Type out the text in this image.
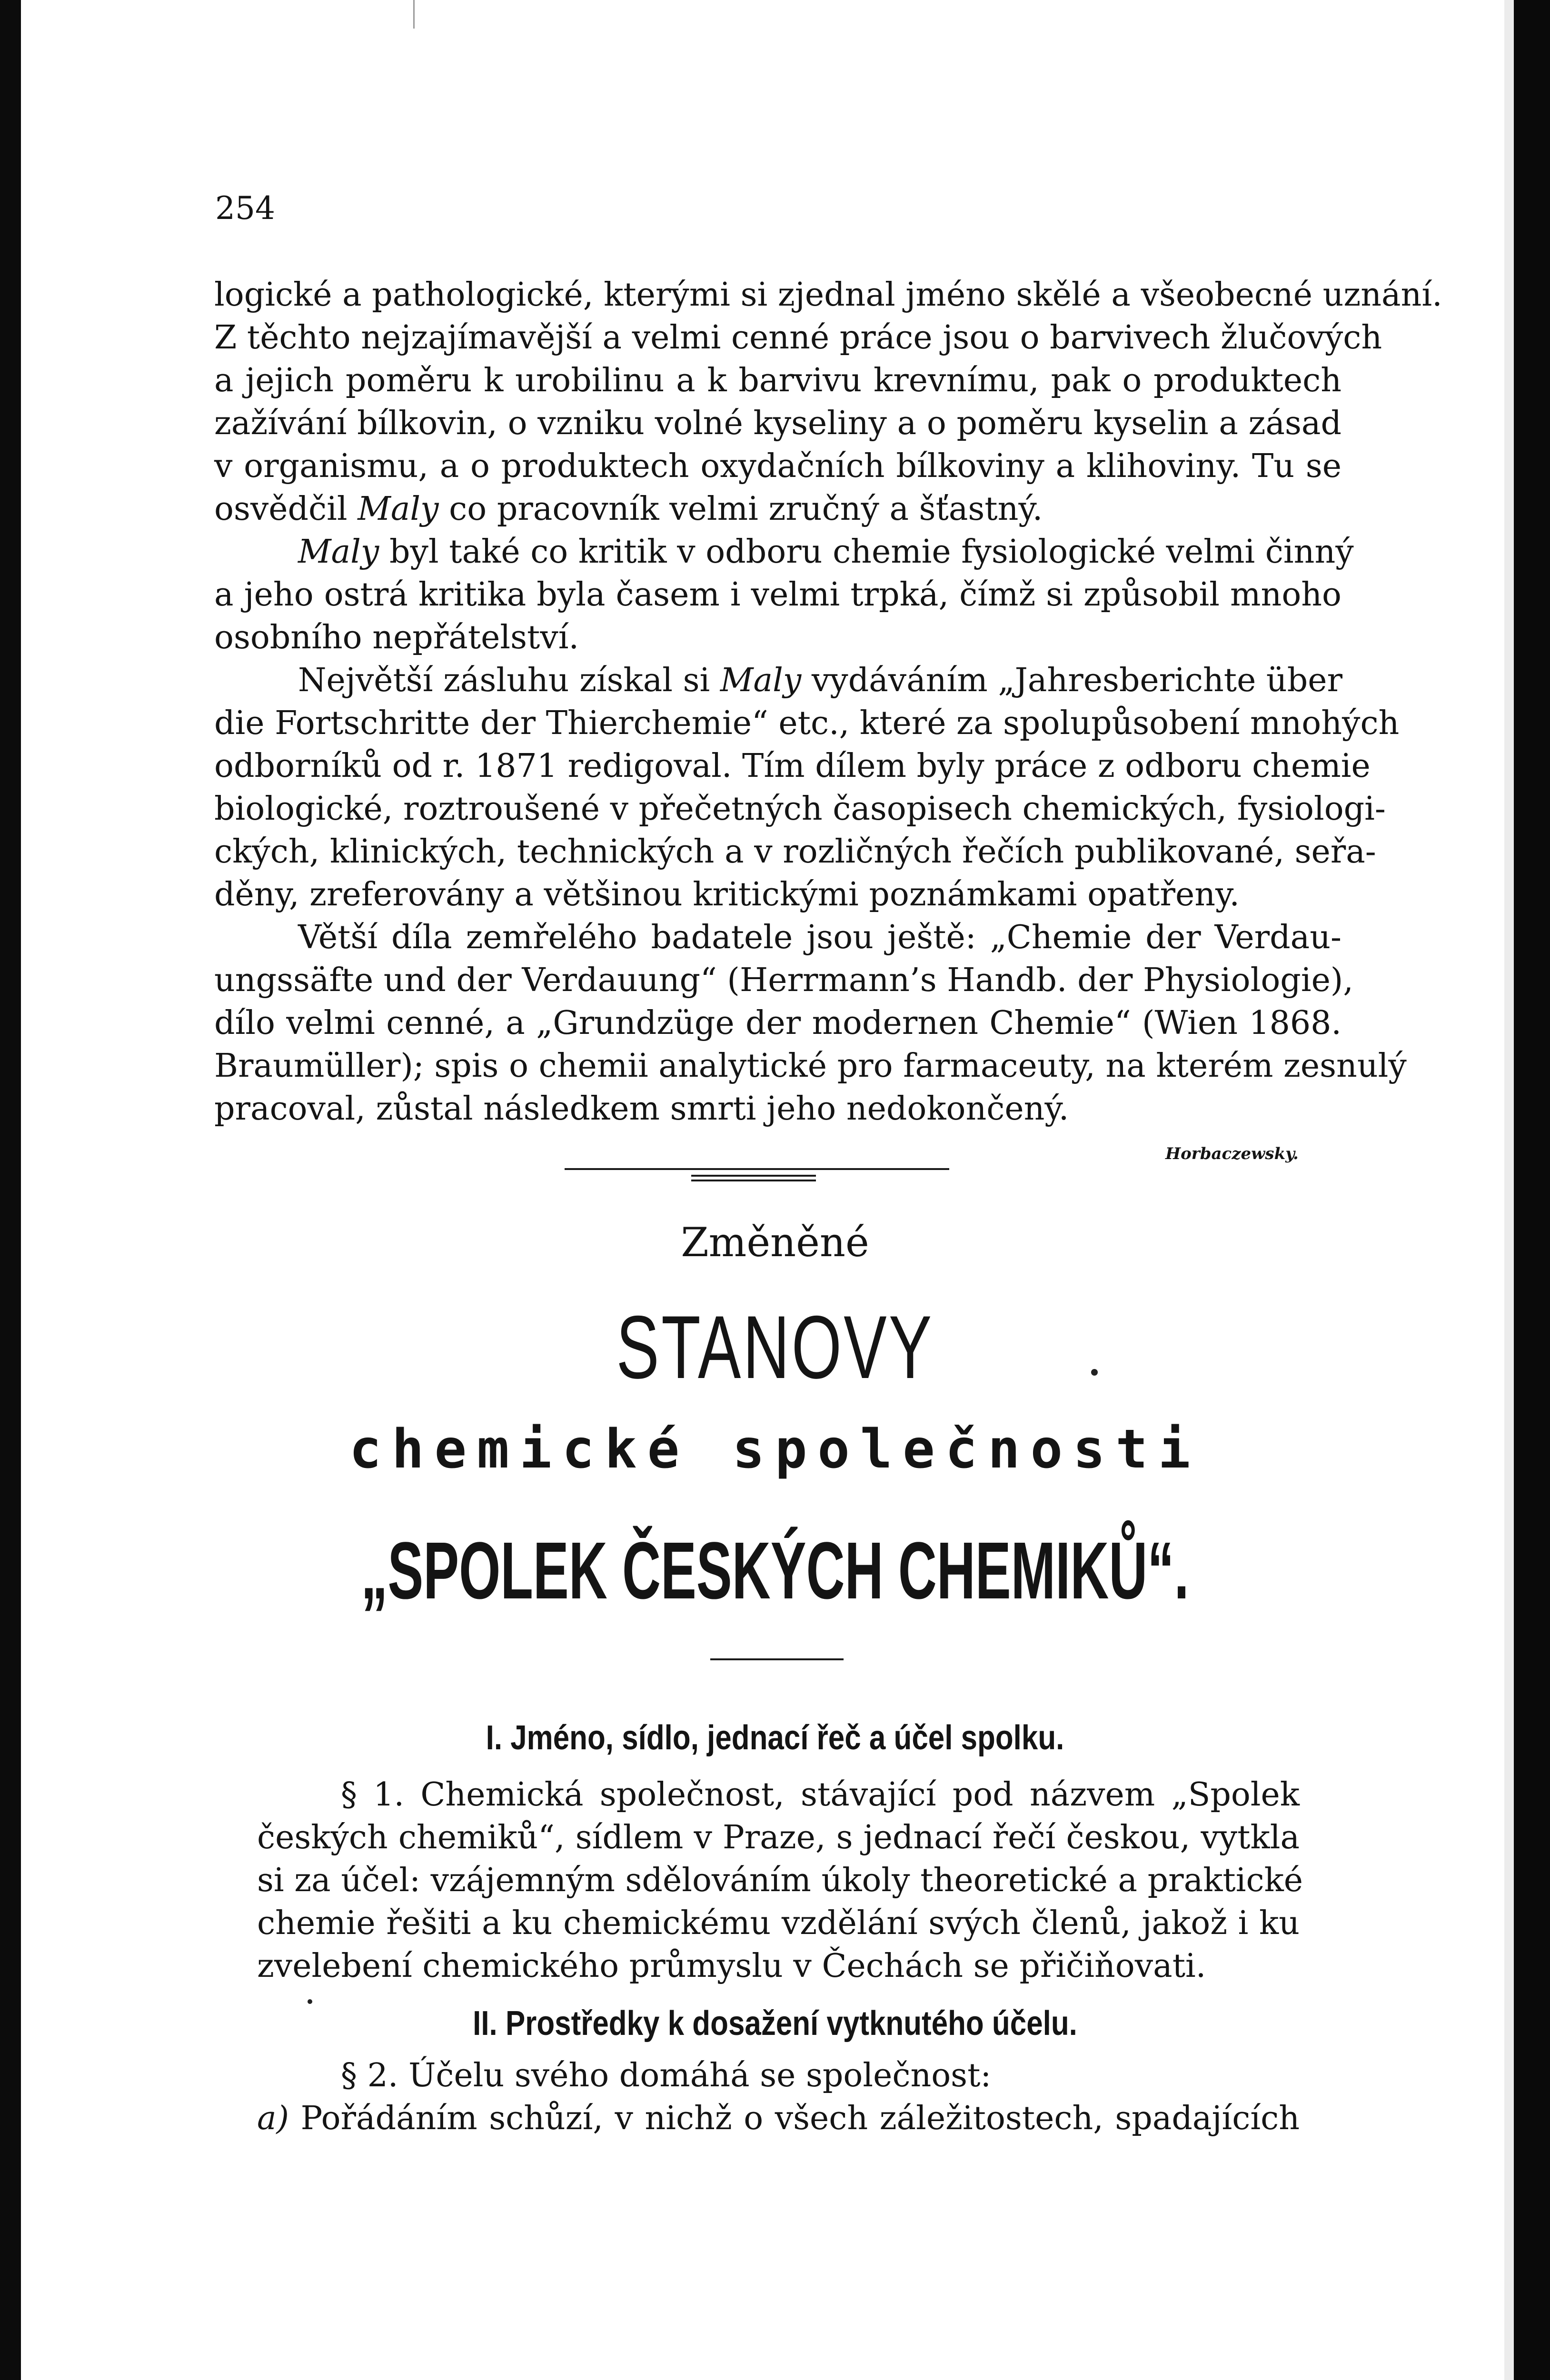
254
logické a pathologické, kterými si zjednal jméno skělé a všeobecné uznání.
Z těchto nejzajímavější a velmi cenné práce jsou o barvivech žlučových
a jejich poměru k urobilinu a k barvivu krevnímu, pak o produktech
zažívání bílkovin, o vzniku volné kyseliny a o poměru kyselin a zásad
v organismu, a o produktech oxydačních bílkoviny a klihoviny. Tu se
osvědčil Maly co pracovník velmi zručný a šťastný.
Maly byl také co kritik v odboru chemie fysiologické velmi činný
a jeho ostrá kritika byla časem i velmi trpká, čímž si způsobil mnoho
osobního nepřátelství.
Největší zásluhu získal si Maly vydáváním „Jahresberichte über
die Fortschritte der Thierchemie“ etc., které za spolupůsobení mnohých
odborníků od r. 1871 redigoval. Tím dílem byly práce z odboru chemie
biologické, roztroušené v přečetných časopisech chemických, fysiologi-
ckých, klinických, technických a v rozličných řečích publikované, seřa-
děny, zreferovány a většinou kritickými poznámkami opatřeny.
Větší díla zemřelého badatele jsou ještě: „Chemie der Verdau-
ungssäfte und der Verdauung“ (Herrmann’s Handb. der Physiologie),
dílo velmi cenné, a „Grundzüge der modernen Chemie“ (Wien 1868.
Braumüller); spis o chemii analytické pro farmaceuty, na kterém zesnulý
pracoval, zůstal následkem smrti jeho nedokončený.
Horbaczewsky.
Změněné
STANOVY
chemické společnosti
„SPOLEK ČESKÝCH CHEMIKŮ“.
I. Jméno, sídlo, jednací řeč a účel spolku.
§ 1. Chemická společnost, stávající pod názvem „Spolek
českých chemiků“, sídlem v Praze, s jednací řečí českou, vytkla
si za účel: vzájemným sdělováním úkoly theoretické a praktické
chemie řešiti a ku chemickému vzdělání svých členů, jakož i ku
zvelebení chemického průmyslu v Čechách se přičiňovati.
II. Prostředky k dosažení vytknutého účelu.
§ 2. Účelu svého domáhá se společnost:
a) Pořádáním schůzí, v nichž o všech záležitostech, spadajících
